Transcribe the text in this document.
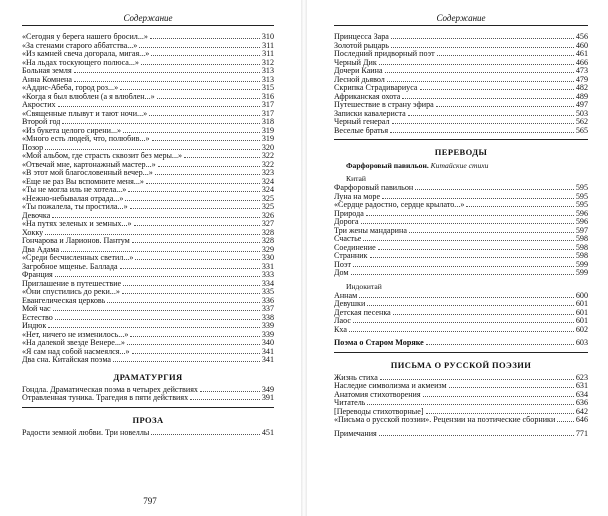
Содержание
«Сегодня у берега нашего бросил...»	310
«За стенами старого аббатства...»	311
«Из камней свеча догорала, мигая...»	311
«На льдах тоскующего полюса...»	312
Больная земля	313
Анна Комнена	313
«Аддис-Абеба, город роз...»	315
«Когда я был влюблен (а я влюблен...»	316
Акростих	317
«Священные плывут и тают ночи...»	317
Второй год	318
«Из букета целого сирени...»	319
«Много есть людей, что, полюбив...»	319
Позор	320
«Мой альбом, где страсть сквозит без меры...»	322
«Отвечай мне, картонажный мастер...»	322
«В этот мой благословенный вечер...»	323
«Еще не раз Вы вспомните меня...»	324
«Ты не могла иль не хотела...»	324
«Нежно-небывалая отрада...»	325
«Ты пожалела, ты простила...»	325
Девочка	326
«На путях зеленых и земных...»	327
Хокку	328
Гончарова и Ларионов. Пантум	328
Два Адама	329
«Среди бесчисленных светил...»	330
Загробное мщенье. Баллада	331
Франция	333
Приглашение в путешествие	334
«Они спустились до реки...»	335
Евангелическая церковь	336
Мой час	337
Естество	338
Индюк	339
«Нет, ничего не изменилось...»	339
«На далекой звезде Венере...»	340
«Я сам над собой насмеялся...»	341
Два сна. Китайская поэма	341
ДРАМАТУРГИЯ
Гондла. Драматическая поэма в четырех действиях	349
Отравленная туника. Трагедия в пяти действиях	391
ПРОЗА
Радости земной любви. Три новеллы	451
797
Содержание
Принцесса Зара	456
Золотой рыцарь	460
Последний придворный поэт	461
Черный Дик	466
Дочери Каина	473
Лесной дьявол	479
Скрипка Страдивариуса	482
Африканская охота	489
Путешествие в страну эфира	497
Записки кавалериста	503
Черный генерал	562
Веселые братья	565
ПЕРЕВОДЫ
Фарфоровый павильон. Китайские стихи
Китай
Фарфоровый павильон	595
Луна на море	595
«Сердце радостно, сердце крылато...»	595
Природа	596
Дорога	596
Три жены мандарина	597
Счастье	598
Соединение	598
Странник	598
Поэт	599
Дом	599
Индокитай
Аннам	600
Девушки	601
Детская песенка	601
Лаос	601
Кха	602
Поэма о Старом Моряке	603
ПИСЬМА О РУССКОЙ ПОЭЗИИ
Жизнь стиха	623
Наследие символизма и акмеизм	631
Анатомия стихотворения	634
Читатель	636
[Переводы стихотворные]	642
«Письма о русской поэзии». Рецензии на поэтические сборники	646
Примечания	771
